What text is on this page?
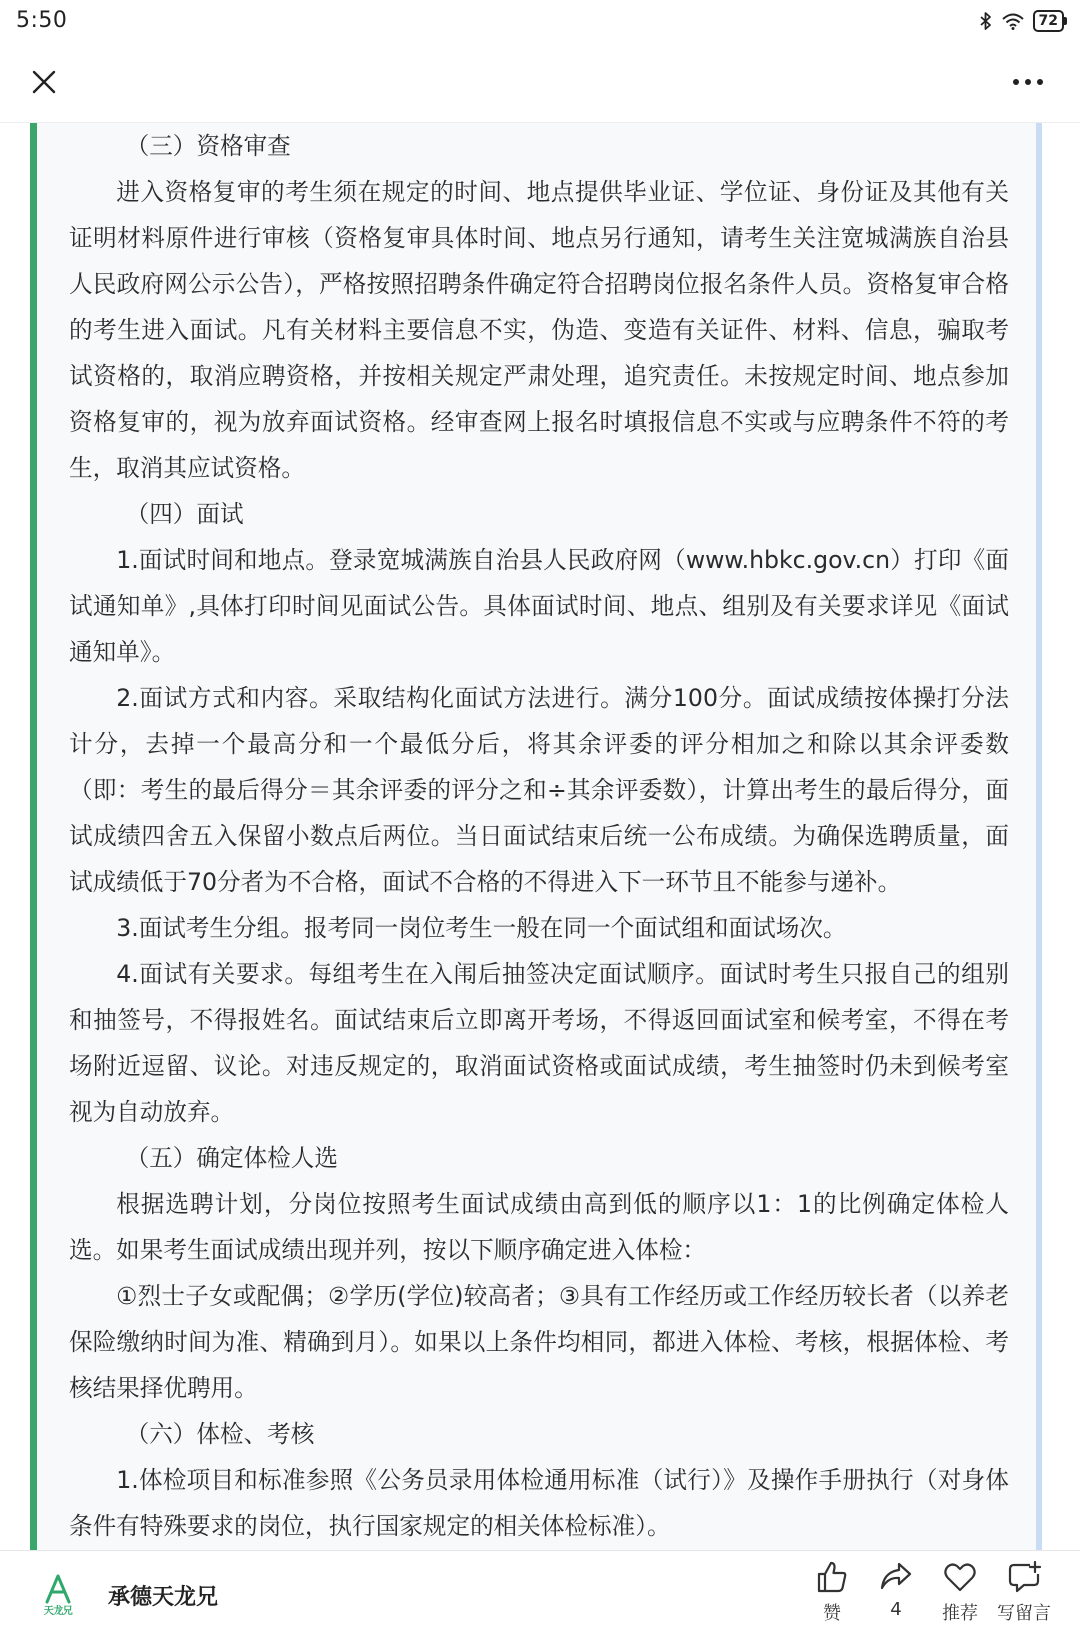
5:50	72

（三）资格审查

进入资格复审的考生须在规定的时间、地点提供毕业证、学位证、身份证及其他有关证明材料原件进行审核（资格复审具体时间、地点另行通知，请考生关注宽城满族自治县人民政府网公示公告），严格按照招聘条件确定符合招聘岗位报名条件人员。资格复审合格的考生进入面试。凡有关材料主要信息不实，伪造、变造有关证件、材料、信息，骗取考试资格的，取消应聘资格，并按相关规定严肃处理，追究责任。未按规定时间、地点参加资格复审的，视为放弃面试资格。经审查网上报名时填报信息不实或与应聘条件不符的考生，取消其应试资格。

（四）面试

1.面试时间和地点。登录宽城满族自治县人民政府网（www.hbkc.gov.cn）打印《面试通知单》,具体打印时间见面试公告。具体面试时间、地点、组别及有关要求详见《面试通知单》。

2.面试方式和内容。采取结构化面试方法进行。满分100分。面试成绩按体操打分法计分，去掉一个最高分和一个最低分后，将其余评委的评分相加之和除以其余评委数（即：考生的最后得分＝其余评委的评分之和÷其余评委数），计算出考生的最后得分，面试成绩四舍五入保留小数点后两位。当日面试结束后统一公布成绩。为确保选聘质量，面试成绩低于70分者为不合格，面试不合格的不得进入下一环节且不能参与递补。

3.面试考生分组。报考同一岗位考生一般在同一个面试组和面试场次。

4.面试有关要求。每组考生在入闱后抽签决定面试顺序。面试时考生只报自己的组别和抽签号，不得报姓名。面试结束后立即离开考场，不得返回面试室和候考室，不得在考场附近逗留、议论。对违反规定的，取消面试资格或面试成绩，考生抽签时仍未到候考室视为自动放弃。

（五）确定体检人选

根据选聘计划，分岗位按照考生面试成绩由高到低的顺序以1：1的比例确定体检人选。如果考生面试成绩出现并列，按以下顺序确定进入体检：

①烈士子女或配偶；②学历(学位)较高者；③具有工作经历或工作经历较长者（以养老保险缴纳时间为准、精确到月）。如果以上条件均相同，都进入体检、考核，根据体检、考核结果择优聘用。

（六）体检、考核

1.体检项目和标准参照《公务员录用体检通用标准（试行）》及操作手册执行（对身体条件有特殊要求的岗位，执行国家规定的相关体检标准）。

天龙兄
承德天龙兄
赞	4 推荐 写留言
